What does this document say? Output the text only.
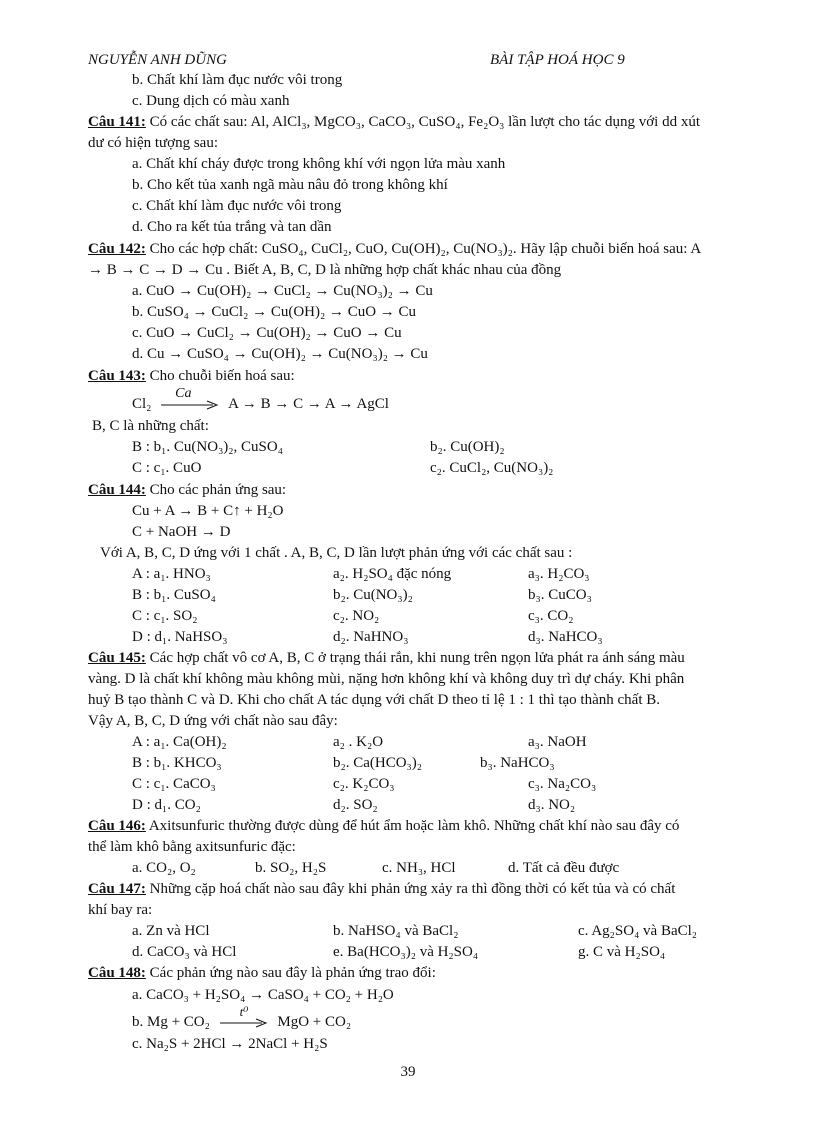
NGUYỄN ANH DŨNG	BÀI TẬP HOÁ HỌC 9
b. Chất khí làm đục nước vôi trong
c. Dung dịch có màu xanh
Câu 141: Có các chất sau: Al, AlCl₃, MgCO₃, CaCO₃, CuSO₄, Fe₂O₃ lần lượt cho tác dụng với dd xút
dư có hiện tượng sau:
a. Chất khí cháy được trong không khí với ngọn lửa màu xanh
b. Cho kết tủa xanh ngã màu nâu đỏ trong không khí
c. Chất khí làm đục nước vôi trong
d. Cho ra kết tủa trắng và tan dần
Câu 142: Cho các hợp chất: CuSO₄, CuCl₂, CuO, Cu(OH)₂, Cu(NO₃)₂. Hãy lập chuỗi biến hoá sau: A
→ B → C → D → Cu . Biết A, B, C, D là những hợp chất khác nhau của đồng
a. CuO → Cu(OH)₂ → CuCl₂ → Cu(NO₃)₂ → Cu
b. CuSO₄ → CuCl₂ → Cu(OH)₂ → CuO → Cu
c. CuO → CuCl₂ → Cu(OH)₂ → CuO → Cu
d. Cu → CuSO₄ → Cu(OH)₂ → Cu(NO₃)₂ → Cu
Câu 143: Cho chuỗi biến hoá sau:
Cl₂
Ca
A → B → C → A → AgCl
B, C là những chất:
B : b₁. Cu(NO₃)₂, CuSO₄	b₂. Cu(OH)₂
C : c₁. CuO	c₂. CuCl₂, Cu(NO₃)₂
Câu 144: Cho các phản ứng sau:
Cu + A → B + C↑ + H₂O
C + NaOH → D
Với A, B, C, D ứng với 1 chất . A, B, C, D lần lượt phản ứng với các chất sau :
A : a₁. HNO₃	a₂. H₂SO₄ đặc nóng	a₃. H₂CO₃
B : b₁. CuSO₄	b₂. Cu(NO₃)₂	b₃. CuCO₃
C : c₁. SO₂	c₂. NO₂	c₃. CO₂
D : d₁. NaHSO₃	d₂. NaHNO₃	d₃. NaHCO₃
Câu 145: Các hợp chất vô cơ A, B, C ở trạng thái rắn, khi nung trên ngọn lửa phát ra ánh sáng màu
vàng. D là chất khí không màu không mùi, nặng hơn không khí và không duy trì dự cháy. Khi phân
huỷ B tạo thành C và D. Khi cho chất A tác dụng với chất D theo tỉ lệ 1 : 1 thì tạo thành chất B.
Vậy A, B, C, D ứng với chất nào sau đây:
A : a₁. Ca(OH)₂	a₂ . K₂O	a₃. NaOH
B : b₁. KHCO₃	b₂. Ca(HCO₃)₂	b₃. NaHCO₃
C : c₁. CaCO₃	c₂. K₂CO₃	c₃. Na₂CO₃
D : d₁. CO₂	d₂. SO₂	d₃. NO₂
Câu 146: Axitsunfuric thường được dùng để hút ẩm hoặc làm khô. Những chất khí nào sau đây có
thể làm khô bằng axitsunfuric đặc:
a. CO₂, O₂	b. SO₂, H₂S	c. NH₃, HCl	d. Tất cả đều được
Câu 147: Những cặp hoá chất nào sau đây khi phản ứng xảy ra thì đồng thời có kết tủa và có chất
khí bay ra:
a. Zn và HCl	b. NaHSO₄ và BaCl₂	c. Ag₂SO₄ và BaCl₂
d. CaCO₃ và HCl	e. Ba(HCO₃)₂ và H₂SO₄	g. C và H₂SO₄
Câu 148: Các phản ứng nào sau đây là phản ứng trao đổi:
a. CaCO₃ + H₂SO₄ → CaSO₄ + CO₂ + H₂O
b. Mg + CO₂
t⁰
MgO + CO₂
c. Na₂S + 2HCl → 2NaCl + H₂S
39
